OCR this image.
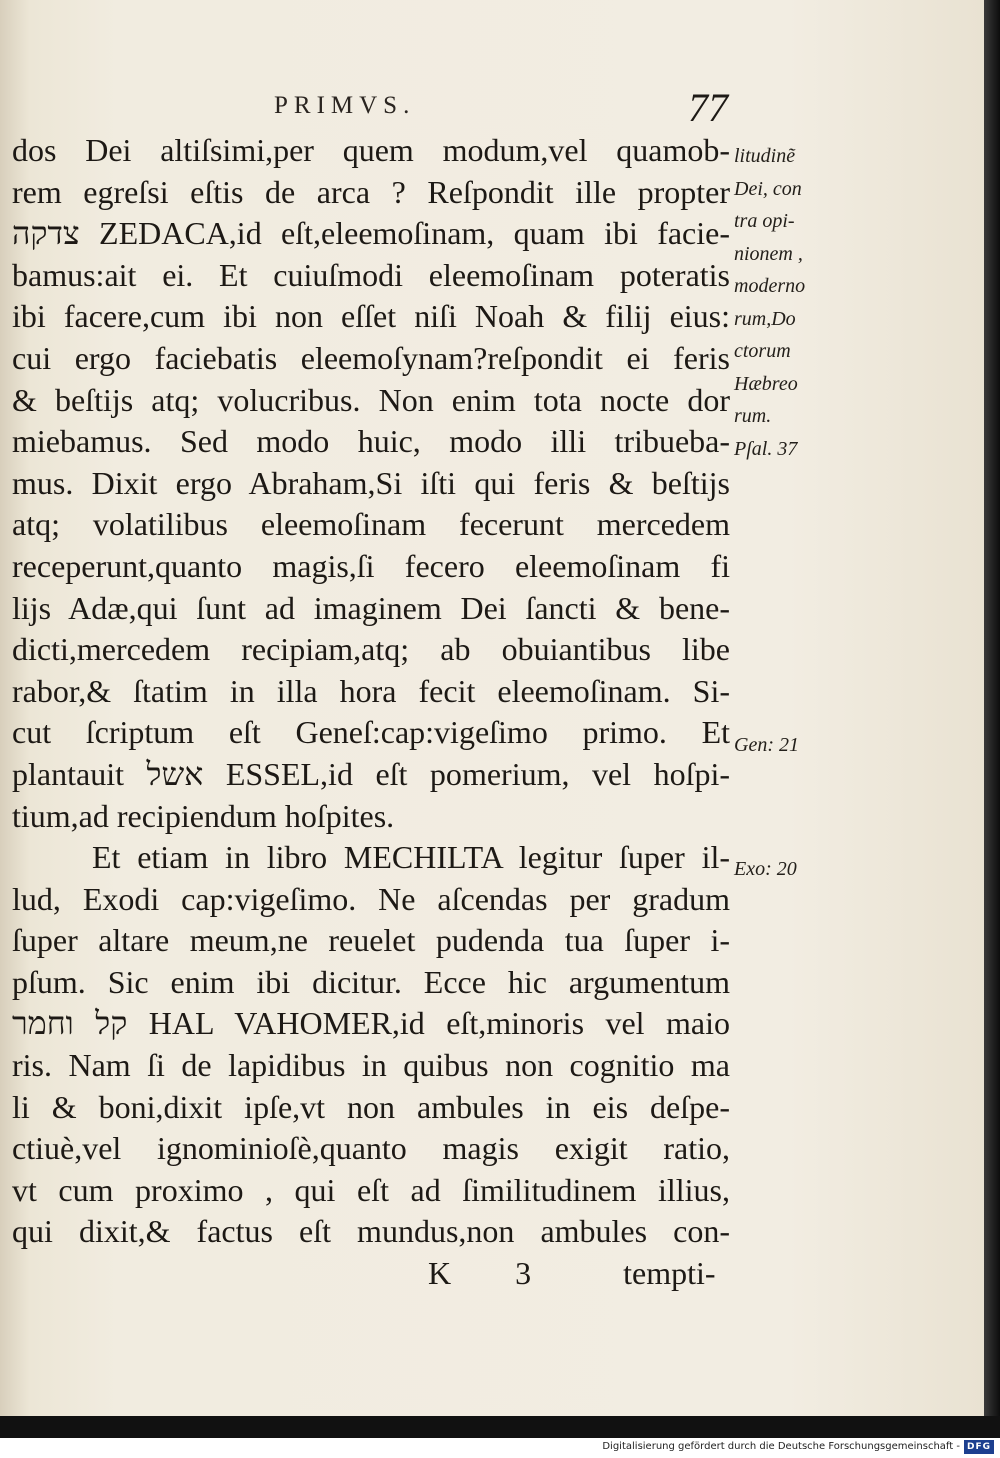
PRIMVS.	77
dos Dei altiſsimi,per quem modum,vel quamob-
rem egreſsi eſtis de arca ? Reſpondit ille propter
צדקה ZEDACA,id eſt,eleemoſinam, quam ibi facie-
bamus:ait ei. Et cuiuſmodi eleemoſinam poteratis
ibi facere,cum ibi non eſſet niſi Noah & filij eius:
cui ergo faciebatis eleemoſynam?reſpondit ei feris
& beſtijs atq; volucribus. Non enim tota nocte dor
miebamus. Sed modo huic, modo illi tribueba-
mus. Dixit ergo Abraham,Si iſti qui feris & beſtijs
atq; volatilibus eleemoſinam fecerunt mercedem
receperunt,quanto magis,ſi fecero eleemoſinam fi
lijs Adæ,qui ſunt ad imaginem Dei ſancti & bene-
dicti,mercedem recipiam,atq; ab obuiantibus libe
rabor,& ſtatim in illa hora fecit eleemoſinam. Si-
cut ſcriptum eſt Geneſ:cap:vigeſimo primo. Et
plantauit אשל ESSEL,id eſt pomerium, vel hoſpi-
tium,ad recipiendum hoſpites.
Et etiam in libro MECHILTA legitur ſuper il-
lud, Exodi cap:vigeſimo. Ne aſcendas per gradum
ſuper altare meum,ne reuelet pudenda tua ſuper i-
pſum. Sic enim ibi dicitur. Ecce hic argumentum
קל וחמר HAL VAHOMER,id eſt,minoris vel maio
ris. Nam ſi de lapidibus in quibus non cognitio ma
li & boni,dixit ipſe,vt non ambules in eis deſpe-
ctiuè,vel ignominioſè,quanto magis exigit ratio,
vt cum proximo , qui eſt ad ſimilitudinem illius,
qui dixit,& factus eſt mundus,non ambules con-
K 3	tempti-
litudinẽ
Dei, con
tra opi-
nionem ,
moderno
rum,Do
ctorum
Hæbreo
rum.
Pſal. 37
Gen: 21
Exo: 20
Digitalisierung gefördert durch die Deutsche Forschungsgemeinschaft - DFG
